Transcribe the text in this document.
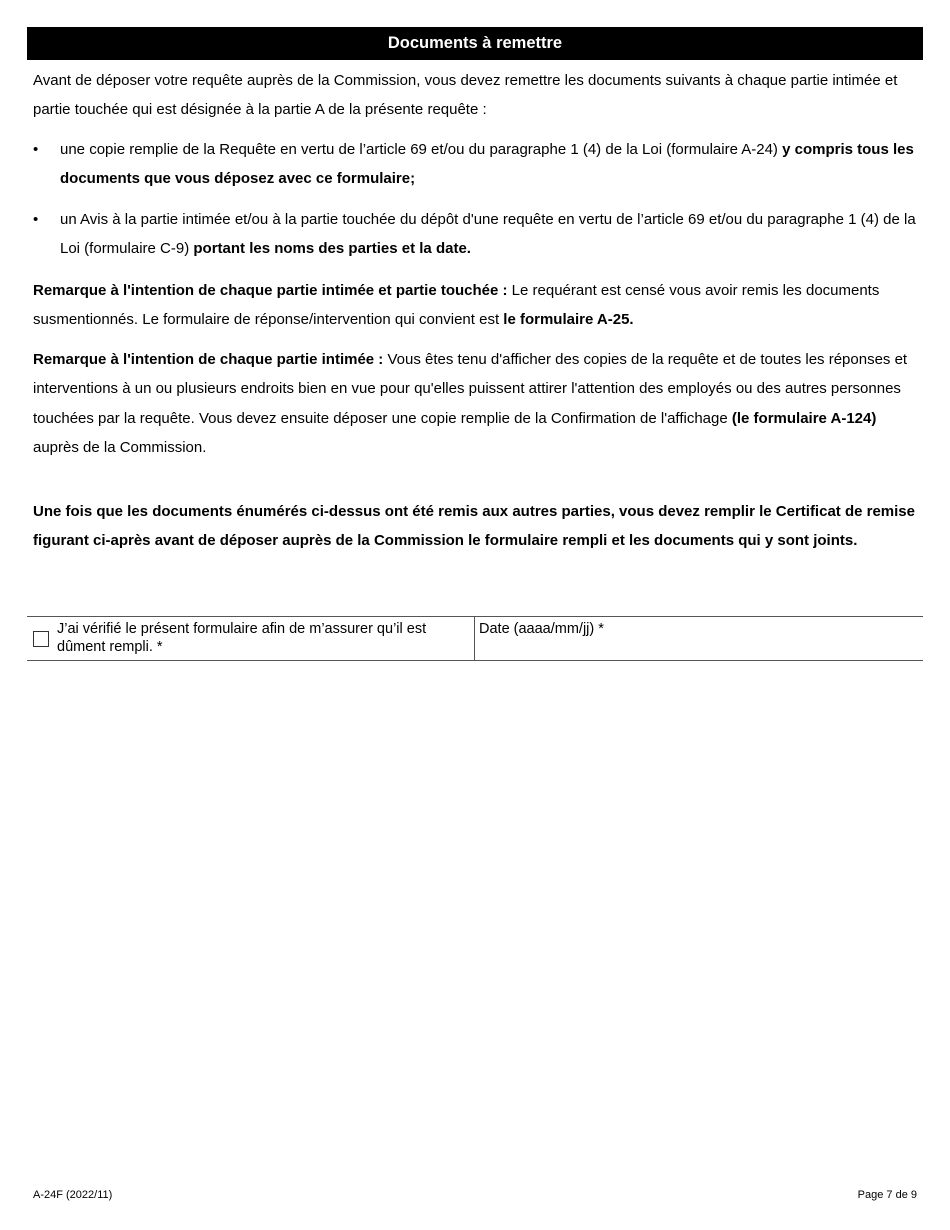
Documents à remettre

Avant de déposer votre requête auprès de la Commission, vous devez remettre les documents suivants à chaque partie intimée et partie touchée qui est désignée à la partie A de la présente requête :

• une copie remplie de la Requête en vertu de l’article 69 et/ou du paragraphe 1 (4) de la Loi (formulaire A-24) y compris tous les documents que vous déposez avec ce formulaire;
• un Avis à la partie intimée et/ou à la partie touchée du dépôt d'une requête en vertu de l’article 69 et/ou du paragraphe 1 (4) de la Loi (formulaire C-9) portant les noms des parties et la date.

Remarque à l'intention de chaque partie intimée et partie touchée : Le requérant est censé vous avoir remis les documents susmentionnés. Le formulaire de réponse/intervention qui convient est le formulaire A-25.

Remarque à l'intention de chaque partie intimée : Vous êtes tenu d'afficher des copies de la requête et de toutes les réponses et interventions à un ou plusieurs endroits bien en vue pour qu'elles puissent attirer l'attention des employés ou des autres personnes touchées par la requête. Vous devez ensuite déposer une copie remplie de la Confirmation de l'affichage (le formulaire A-124) auprès de la Commission.

Une fois que les documents énumérés ci-dessus ont été remis aux autres parties, vous devez remplir le Certificat de remise figurant ci-après avant de déposer auprès de la Commission le formulaire rempli et les documents qui y sont joints.

J’ai vérifié le présent formulaire afin de m’assurer qu’il est dûment rempli. *
Date (aaaa/mm/jj) *
A-24F (2022/11)	Page 7 de 9
